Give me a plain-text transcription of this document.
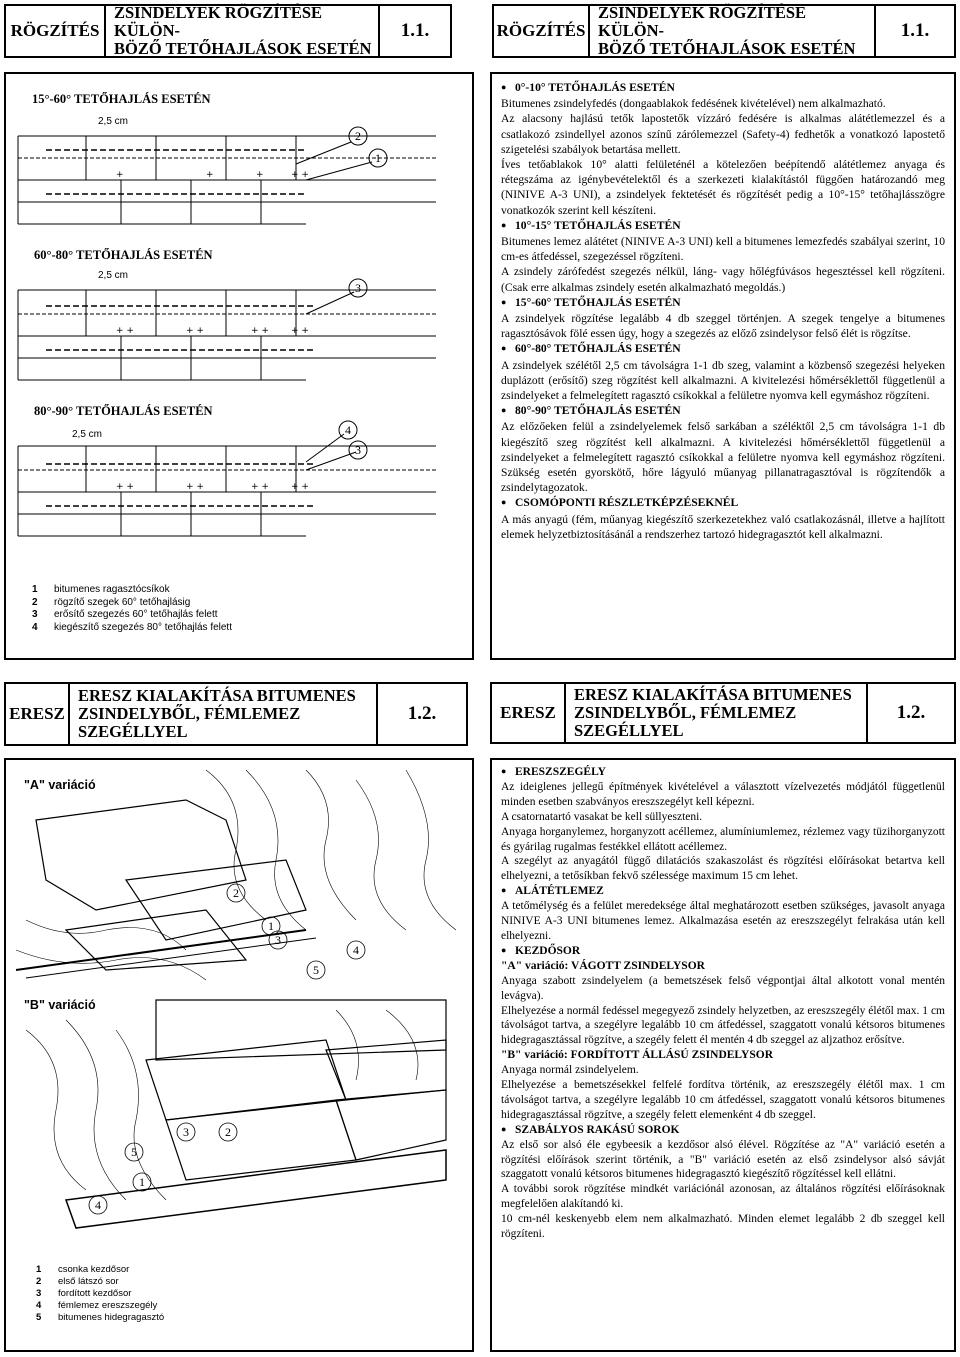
RÖGZÍTÉS
ZSINDELYEK RÖGZÍTÉSE KÜLÖN-
BÖZŐ TETŐHAJLÁSOK ESETÉN
1.1.	RÖGZÍTÉS
ZSINDELYEK RÖGZÍTÉSE KÜLÖN-
BÖZŐ TETŐHAJLÁSOK ESETÉN
1.1.
15°-60° TETŐHAJLÁS ESETÉN
60°-80° TETŐHAJLÁS ESETÉN
80°-90° TETŐHAJLÁS ESETÉN
2,5 cm
2,5 cm
2,5 cm
2
1
3
4
3
+	+	+	+ +
+ +	+ +	+ + + +
+ +	+ +	+ + + +
1	bitumenes ragasztócsíkok
2	rögzítő szegek 60° tetőhajlásig
3	erősítő szegezés 60° tetőhajlás felett
4	kiegészítő szegezés 80° tetőhajlás felett
● 0°-10° TETŐHAJLÁS ESETÉN

Bitumenes zsindelyfedés (dongaablakok fedésének kivételével) nem alkalmazható.

Az alacsony hajlású tetők lapostetők vízzáró fedésére is alkalmas alátétlemezzel és a csatlakozó zsindellyel azonos színű zárólemezzel (Safety-4) fedhetők a vonatkozó lapostető szigetelési szabályok betartása mellett.

Íves tetőablakok 10° alatti felületénél a kötelezően beépítendő alátétlemez anyaga és rétegszáma az igénybevételektől és a szerkezeti kialakítástól függően határozandó meg (NINIVE A-3 UNI), a zsindelyek fektetését és rögzítését pedig a 10°-15° tetőhajlásszögre vonatkozók szerint kell készíteni.

● 10°-15° TETŐHAJLÁS ESETÉN

Bitumenes lemez alátétet (NINIVE A-3 UNI) kell a bitumenes lemezfedés szabályai szerint, 10 cm-es átfedéssel, szegezéssel rögzíteni.

A zsindely zárófedést szegezés nélkül, láng- vagy hőlégfúvásos hegesztéssel kell rögzíteni. (Csak erre alkalmas zsindely esetén alkalmazható megoldás.)

● 15°-60° TETŐHAJLÁS ESETÉN

A zsindelyek rögzítése legalább 4 db szeggel történjen. A szegek tengelye a bitumenes ragasztósávok fölé essen úgy, hogy a szegezés az előző zsindelysor felső élét is rögzítse.

● 60°-80° TETŐHAJLÁS ESETÉN

A zsindelyek szélétől 2,5 cm távolságra 1-1 db szeg, valamint a közbenső szegezési helyeken duplázott (erősítő) szeg rögzítést kell alkalmazni. A kivitelezési hőmérséklettől függetlenül a zsindelyeket a felmelegített ragasztó csíkokkal a felületre nyomva kell egymáshoz rögzíteni.

● 80°-90° TETŐHAJLÁS ESETÉN

Az előzőeken felül a zsindelyelemek felső sarkában a széléktől 2,5 cm távolságra 1-1 db kiegészítő szeg rögzítést kell alkalmazni. A kivitelezési hőmérséklettől függetlenül a zsindelyeket a felmelegített ragasztó csíkokkal a felületre nyomva kell egymáshoz rögzíteni. Szükség esetén gyorskötő, hőre lágyuló műanyag pillanatragasztóval is rögzítendők a zsindelytagozatok.

● CSOMÓPONTI RÉSZLETKÉPZÉSEKNÉL

A más anyagú (fém, műanyag kiegészítő szerkezetekhez való csatlakozásnál, illetve a hajlított elemek helyzetbiztosításánál a rendszerhez tartozó hidegragasztót kell alkalmazni.

ERESZ
ERESZ KIALAKÍTÁSA BITUMENES
ZSINDELYBŐL, FÉMLEMEZ
SZEGÉLLYEL
1.2.	ERESZ
ERESZ KIALAKÍTÁSA BITUMENES
ZSINDELYBŐL, FÉMLEMEZ
SZEGÉLLYEL
1.2.
"A" variáció
"B" variáció
2
1
3
4
5
3	2
5
1
4
1	csonka kezdősor
2	első látszó sor
3	fordított kezdősor
4	fémlemez ereszszegély
5	bitumenes hidegragasztó
● ERESZSZEGÉLY

Az ideiglenes jellegű építmények kivételével a választott vízelvezetés módjától függetlenül minden esetben szabványos ereszszegélyt kell képezni.

A csatornatartó vasakat be kell süllyeszteni.

Anyaga horganylemez, horganyzott acéllemez, alumíniumlemez, rézlemez vagy tüzihorganyzott és gyárilag rugalmas festékkel ellátott acéllemez.

A szegélyt az anyagától függő dilatációs szakaszolást és rögzítési előírásokat betartva kell elhelyezni, a tetősíkban fekvő szélessége maximum 15 cm lehet.

● ALÁTÉTLEMEZ

A tetőmélység és a felület meredeksége által meghatározott esetben szükséges, javasolt anyaga NINIVE A-3 UNI bitumenes lemez. Alkalmazása esetén az ereszszegélyt felrakása után kell elhelyezni.

● KEZDŐSOR

"A" variáció: VÁGOTT ZSINDELYSOR

Anyaga szabott zsindelyelem (a bemetszések felső végpontjai által alkotott vonal mentén levágva).

Elhelyezése a normál fedéssel megegyező zsindely helyzetben, az ereszszegély élétől max. 1 cm távolságot tartva, a szegélyre legalább 10 cm átfedéssel, szaggatott vonalú kétsoros bitumenes hidegragasztással rögzítve, a szegély felett él mentén 4 db szeggel az aljzathoz erősítve.

"B" variáció: FORDÍTOTT ÁLLÁSÚ ZSINDELYSOR

Anyaga normál zsindelyelem.

Elhelyezése a bemetszésekkel felfelé fordítva történik, az ereszszegély élétől max. 1 cm távolságot tartva, a szegélyre legalább 10 cm átfedéssel, szaggatott vonalú kétsoros bitumenes hidegragasztással rögzítve, a szegély felett elemenként 4 db szeggel.

● SZABÁLYOS RAKÁSÚ SOROK

Az első sor alsó éle egybeesik a kezdősor alsó élével. Rögzítése az "A" variáció esetén a rögzítési előírások szerint történik, a "B" variáció esetén az első zsindelysor alsó sávját szaggatott vonalú kétsoros bitumenes hidegragasztó kiegészítő rögzítéssel kell ellátni.

A további sorok rögzítése mindkét variációnál azonosan, az általános rögzítési előírásoknak megfelelően alakítandó ki.

10 cm-nél keskenyebb elem nem alkalmazható. Minden elemet legalább 2 db szeggel kell rögzíteni.
